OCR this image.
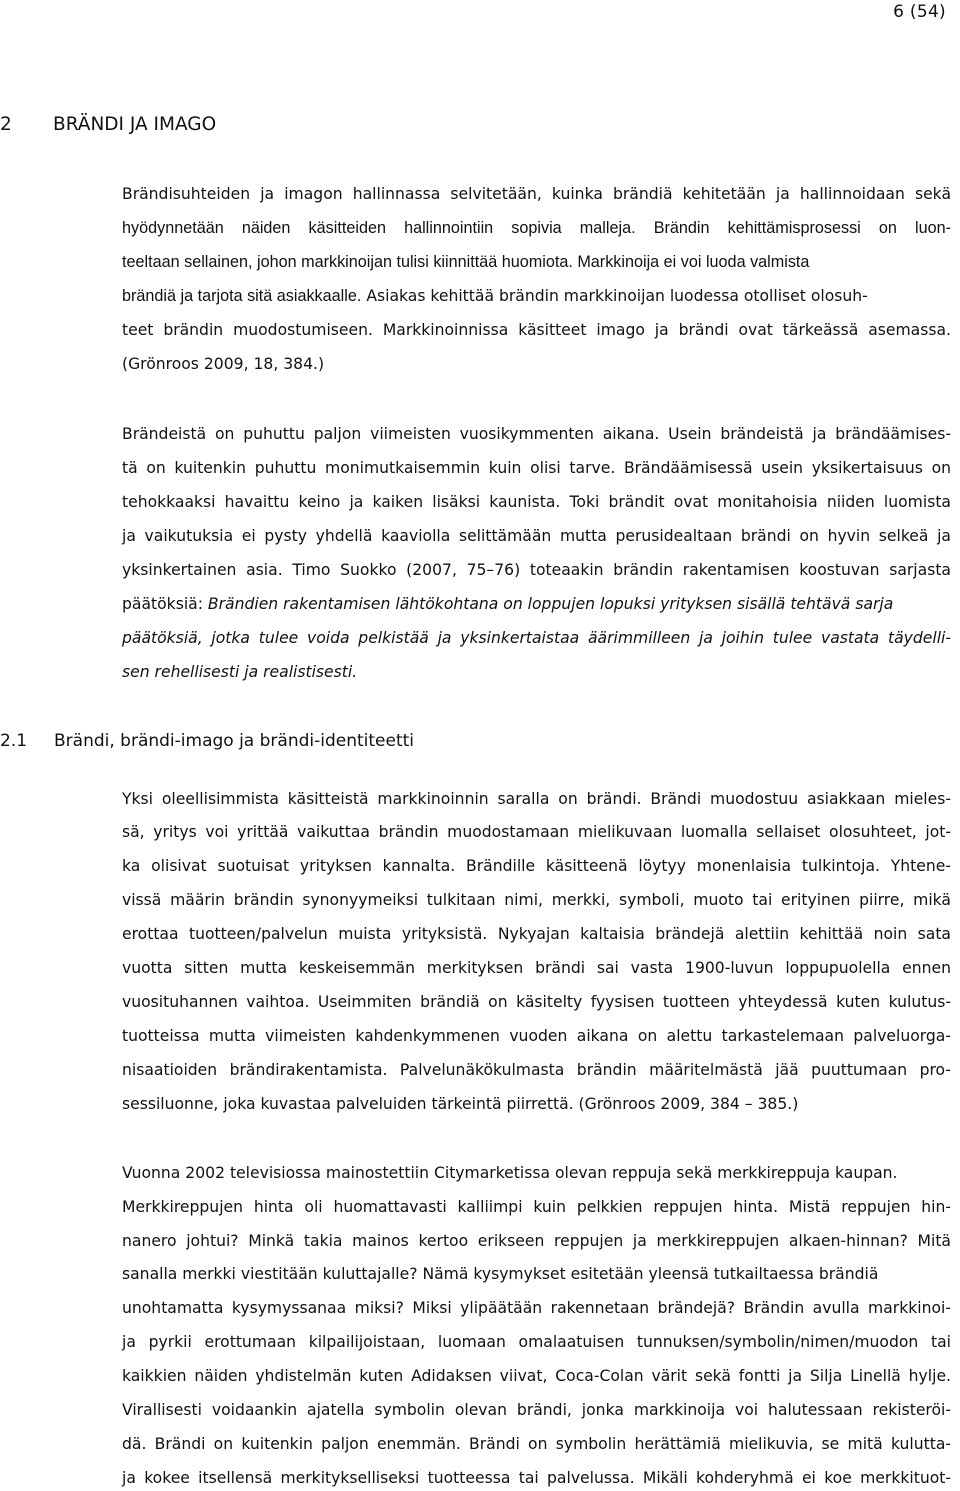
6 (54)
2 BRÄNDI JA IMAGO
Brändisuhteiden ja imagon hallinnassa selvitetään, kuinka brändiä kehitetään ja hallinnoidaan sekä
hyödynnetään näiden käsitteiden hallinnointiin sopivia malleja. Brändin kehittämisprosessi on luon-
teeltaan sellainen, johon markkinoijan tulisi kiinnittää huomiota. Markkinoija ei voi luoda valmista
brändiä ja tarjota sitä asiakkaalle. Asiakas kehittää brändin markkinoijan luodessa otolliset olosuh-
teet brändin muodostumiseen. Markkinoinnissa käsitteet imago ja brändi ovat tärkeässä asemassa.
(Grönroos 2009, 18, 384.)
Brändeistä on puhuttu paljon viimeisten vuosikymmenten aikana. Usein brändeistä ja brändäämises-
tä on kuitenkin puhuttu monimutkaisemmin kuin olisi tarve. Brändäämisessä usein yksikertaisuus on
tehokkaaksi havaittu keino ja kaiken lisäksi kaunista. Toki brändit ovat monitahoisia niiden luomista
ja vaikutuksia ei pysty yhdellä kaaviolla selittämään mutta perusidealtaan brändi on hyvin selkeä ja
yksinkertainen asia. Timo Suokko (2007, 75–76) toteaakin brändin rakentamisen koostuvan sarjasta
päätöksiä: Brändien rakentamisen lähtökohtana on loppujen lopuksi yrityksen sisällä tehtävä sarja
päätöksiä, jotka tulee voida pelkistää ja yksinkertaistaa äärimmilleen ja joihin tulee vastata täydelli-
sen rehellisesti ja realistisesti.
2.1 Brändi, brändi-imago ja brändi-identiteetti
Yksi oleellisimmista käsitteistä markkinoinnin saralla on brändi. Brändi muodostuu asiakkaan mieles-
sä, yritys voi yrittää vaikuttaa brändin muodostamaan mielikuvaan luomalla sellaiset olosuhteet, jot-
ka olisivat suotuisat yrityksen kannalta. Brändille käsitteenä löytyy monenlaisia tulkintoja. Yhtene-
vissä määrin brändin synonyymeiksi tulkitaan nimi, merkki, symboli, muoto tai erityinen piirre, mikä
erottaa tuotteen/palvelun muista yrityksistä. Nykyajan kaltaisia brändejä alettiin kehittää noin sata
vuotta sitten mutta keskeisemmän merkityksen brändi sai vasta 1900-luvun loppupuolella ennen
vuosituhannen vaihtoa. Useimmiten brändiä on käsitelty fyysisen tuotteen yhteydessä kuten kulutus-
tuotteissa mutta viimeisten kahdenkymmenen vuoden aikana on alettu tarkastelemaan palveluorga-
nisaatioiden brändirakentamista. Palvelunäkökulmasta brändin määritelmästä jää puuttumaan pro-
sessiluonne, joka kuvastaa palveluiden tärkeintä piirrettä. (Grönroos 2009, 384 – 385.)
Vuonna 2002 televisiossa mainostettiin Citymarketissa olevan reppuja sekä merkkireppuja kaupan.
Merkkireppujen hinta oli huomattavasti kalliimpi kuin pelkkien reppujen hinta. Mistä reppujen hin-
nanero johtui? Minkä takia mainos kertoo erikseen reppujen ja merkkireppujen alkaen-hinnan? Mitä
sanalla merkki viestitään kuluttajalle? Nämä kysymykset esitetään yleensä tutkailtaessa brändiä
unohtamatta kysymyssanaa miksi? Miksi ylipäätään rakennetaan brändejä? Brändin avulla markkinoi-
ja pyrkii erottumaan kilpailijoistaan, luomaan omalaatuisen tunnuksen/symbolin/nimen/muodon tai
kaikkien näiden yhdistelmän kuten Adidaksen viivat, Coca-Colan värit sekä fontti ja Silja Linellä hylje.
Virallisesti voidaankin ajatella symbolin olevan brändi, jonka markkinoija voi halutessaan rekisteröi-
dä. Brändi on kuitenkin paljon enemmän. Brändi on symbolin herättämiä mielikuvia, se mitä kulutta-
ja kokee itsellensä merkitykselliseksi tuotteessa tai palvelussa. Mikäli kohderyhmä ei koe merkkituot-
